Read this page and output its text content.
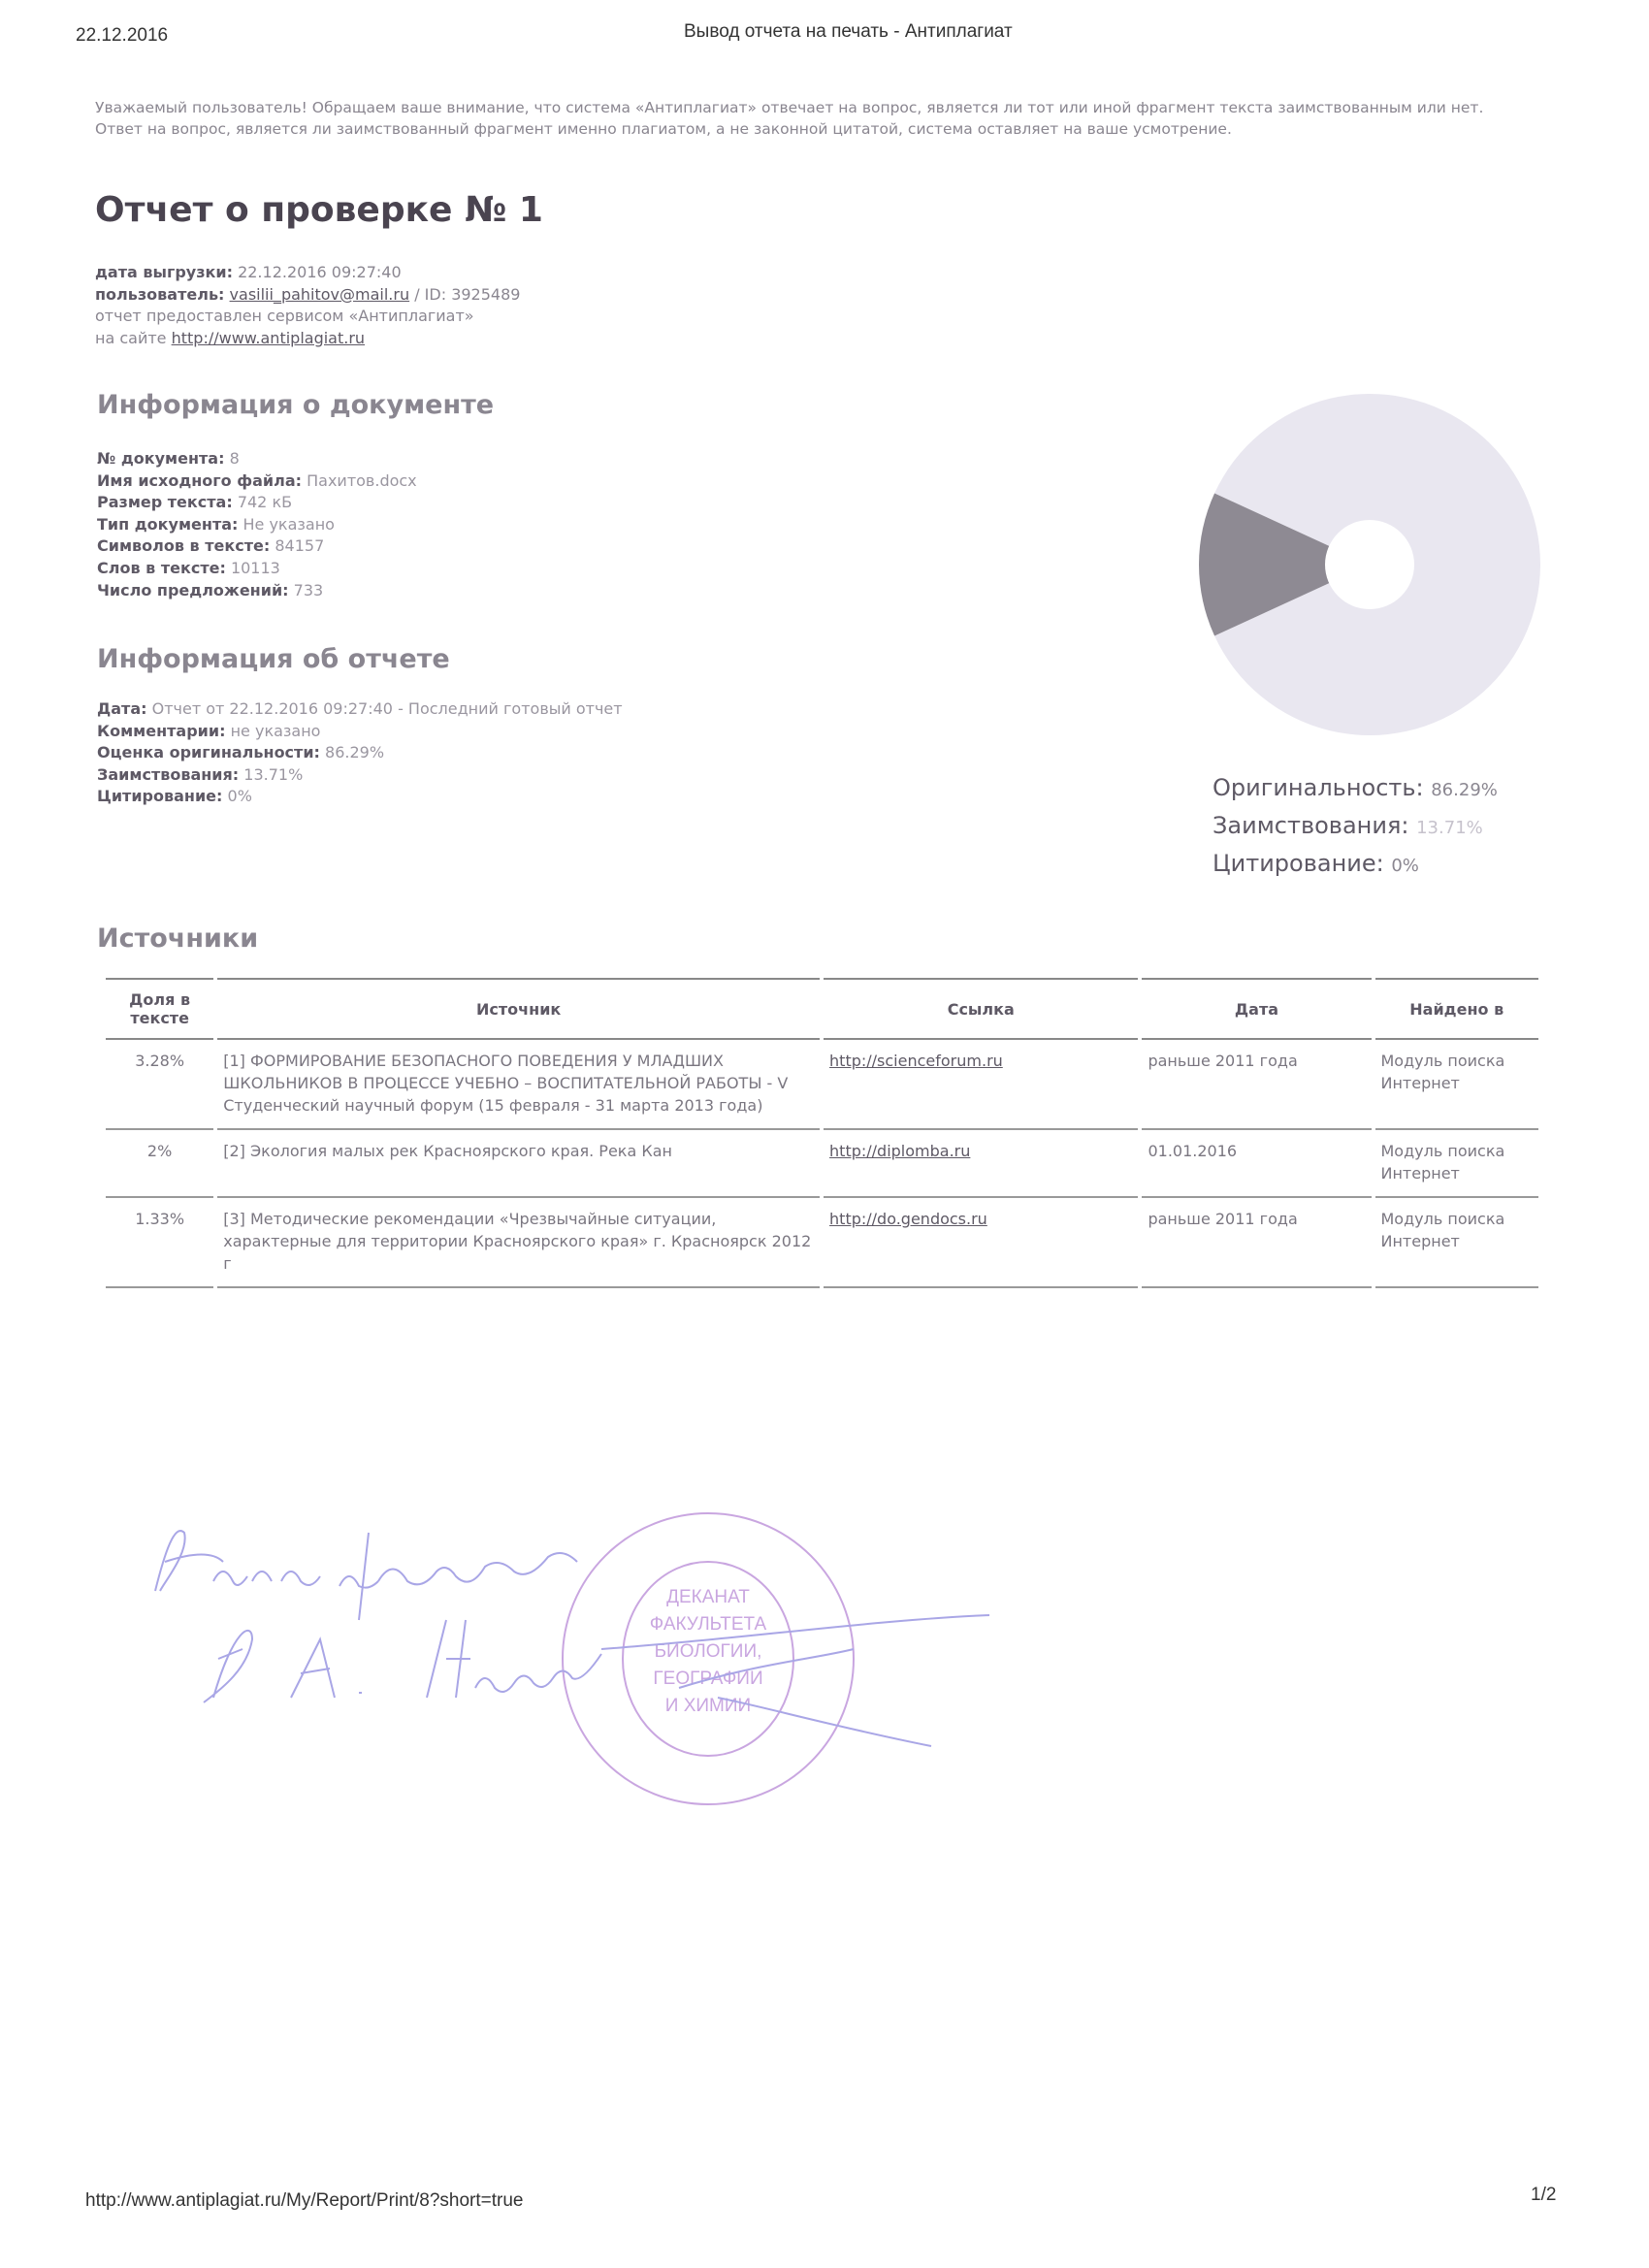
22.12.2016	Вывод отчета на печать - Антиплагиат
Уважаемый пользователь! Обращаем ваше внимание, что система «Антиплагиат» отвечает на вопрос, является ли тот или иной фрагмент текста заимствованным или нет. Ответ на вопрос, является ли заимствованный фрагмент именно плагиатом, а не законной цитатой, система оставляет на ваше усмотрение.
Отчет о проверке № 1
дата выгрузки: 22.12.2016 09:27:40
пользователь: vasilii_pahitov@mail.ru / ID: 3925489
отчет предоставлен сервисом «Антиплагиат»
на сайте http://www.antiplagiat.ru
Информация о документе
№ документа: 8
Имя исходного файла: Пахитов.docx
Размер текста: 742 кБ
Тип документа: Не указано
Символов в тексте: 84157
Слов в тексте: 10113
Число предложений: 733
Информация об отчете
Дата: Отчет от 22.12.2016 09:27:40 - Последний готовый отчет
Комментарии: не указано
Оценка оригинальности: 86.29%
Заимствования: 13.71%
Цитирование: 0%	Оригинальность: 86.29%
Заимствования: 13.71%
Цитирование: 0%
Источники
Доля в тексте	Источник	Ссылка	Дата	Найдено в
3.28%	[1] ФОРМИРОВАНИЕ БЕЗОПАСНОГО ПОВЕДЕНИЯ У МЛАДШИХ ШКОЛЬНИКОВ В ПРОЦЕССЕ УЧЕБНО – ВОСПИТАТЕЛЬНОЙ РАБОТЫ - V Студенческий научный форум (15 февраля - 31 марта 2013 года)	http://scienceforum.ru	раньше 2011 года	Модуль поиска Интернет
2%	[2] Экология малых рек Красноярского края. Река Кан	http://diplomba.ru	01.01.2016	Модуль поиска Интернет
1.33%	[3] Методические рекомендации «Чрезвычайные ситуации, характерные для территории Красноярского края» г. Красноярск 2012 г	http://do.gendocs.ru	раньше 2011 года	Модуль поиска Интернет
ДЕКАНАТ
ФАКУЛЬТЕТА
БИОЛОГИИ,
ГЕОГРАФИИ
И ХИМИИ
http://www.antiplagiat.ru/My/Report/Print/8?short=true	1/2
